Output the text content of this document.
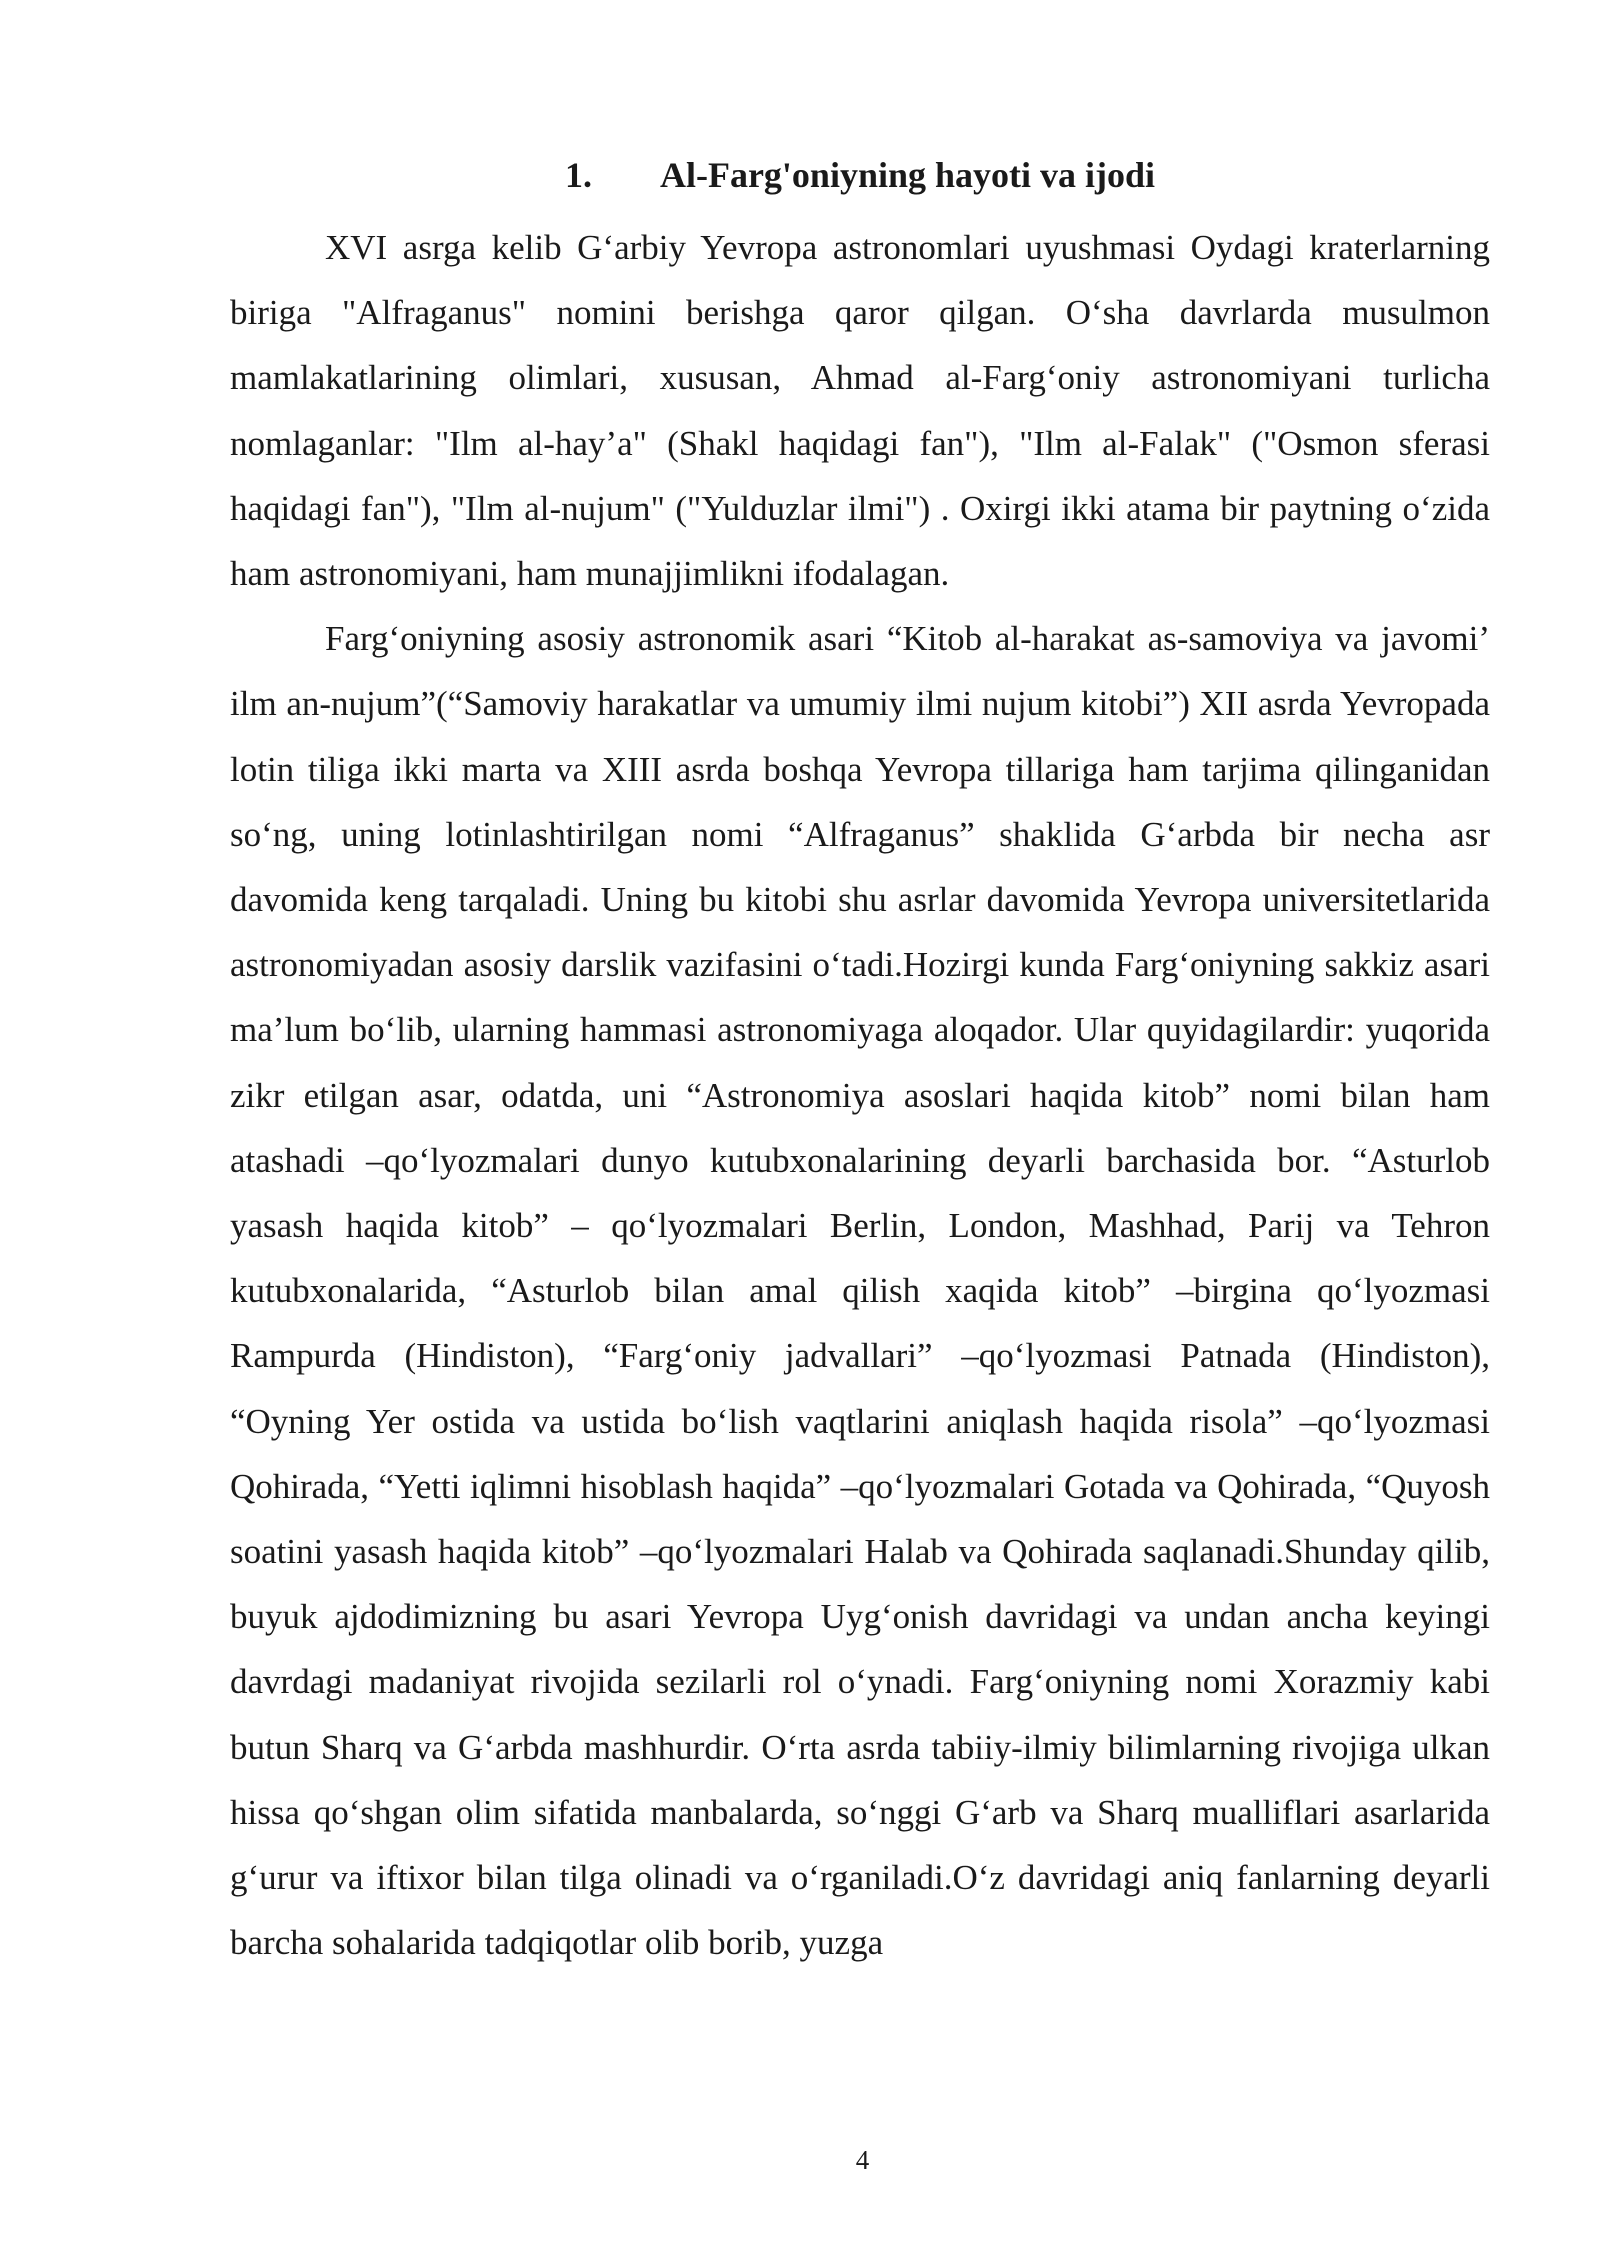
1. Al-Farg'oniyning hayoti va ijodi

XVI asrga kelib G‘arbiy Yevropa astronomlari uyushmasi Oydagi kraterlarning biriga "Alfraganus" nomini berishga qaror qilgan. O‘sha davrlarda musulmon mamlakatlarining olimlari, xususan, Ahmad al-Farg‘oniy astronomiyani turlicha nomlaganlar: "Ilm al-hay’a" (Shakl haqidagi fan"), "Ilm al-Falak" ("Osmon sferasi haqidagi fan"), "Ilm al-nujum" ("Yulduzlar ilmi") . Oxirgi ikki atama bir paytning o‘zida ham astronomiyani, ham munajjimlikni ifodalagan.

Farg‘oniyning asosiy astronomik asari “Kitob al-harakat as-samoviya va javomi’ ilm an-nujum”(“Samoviy harakatlar va umumiy ilmi nujum kitobi”) XII asrda Yevropada lotin tiliga ikki marta va XIII asrda boshqa Yevropa tillariga ham tarjima qilinganidan so‘ng, uning lotinlashtirilgan nomi “Alfraganus” shaklida G‘arbda bir necha asr davomida keng tarqaladi. Uning bu kitobi shu asrlar davomida Yevropa universitetlarida astronomiyadan asosiy darslik vazifasini o‘tadi.Hozirgi kunda Farg‘oniyning sakkiz asari ma’lum bo‘lib, ularning hammasi astronomiyaga aloqador. Ular quyidagilardir: yuqorida zikr etilgan asar, odatda, uni “Astronomiya asoslari haqida kitob” nomi bilan ham atashadi –qo‘lyozmalari dunyo kutubxonalarining deyarli barchasida bor. “Asturlob yasash haqida kitob” – qo‘lyozmalari Berlin, London, Mashhad, Parij va Tehron kutubxonalarida, “Asturlob bilan amal qilish xaqida kitob” –birgina qo‘lyozmasi Rampurda (Hindiston), “Farg‘oniy jadvallari” –qo‘lyozmasi Patnada (Hindiston), “Oyning Yer ostida va ustida bo‘lish vaqtlarini aniqlash haqida risola” –qo‘lyozmasi Qohirada, “Yetti iqlimni hisoblash haqida” –qo‘lyozmalari Gotada va Qohirada, “Quyosh soatini yasash haqida kitob” –qo‘lyozmalari Halab va Qohirada saqlanadi.Shunday qilib, buyuk ajdodimizning bu asari Yevropa Uyg‘onish davridagi va undan ancha keyingi davrdagi madaniyat rivojida sezilarli rol o‘ynadi. Farg‘oniyning nomi Xorazmiy kabi butun Sharq va G‘arbda mashhurdir. O‘rta asrda tabiiy-ilmiy bilimlarning rivojiga ulkan hissa qo‘shgan olim sifatida manbalarda, so‘nggi G‘arb va Sharq mualliflari asarlarida g‘urur va iftixor bilan tilga olinadi va o‘rganiladi.O‘z davridagi aniq fanlarning deyarli barcha sohalarida tadqiqotlar olib borib, yuzga

4
